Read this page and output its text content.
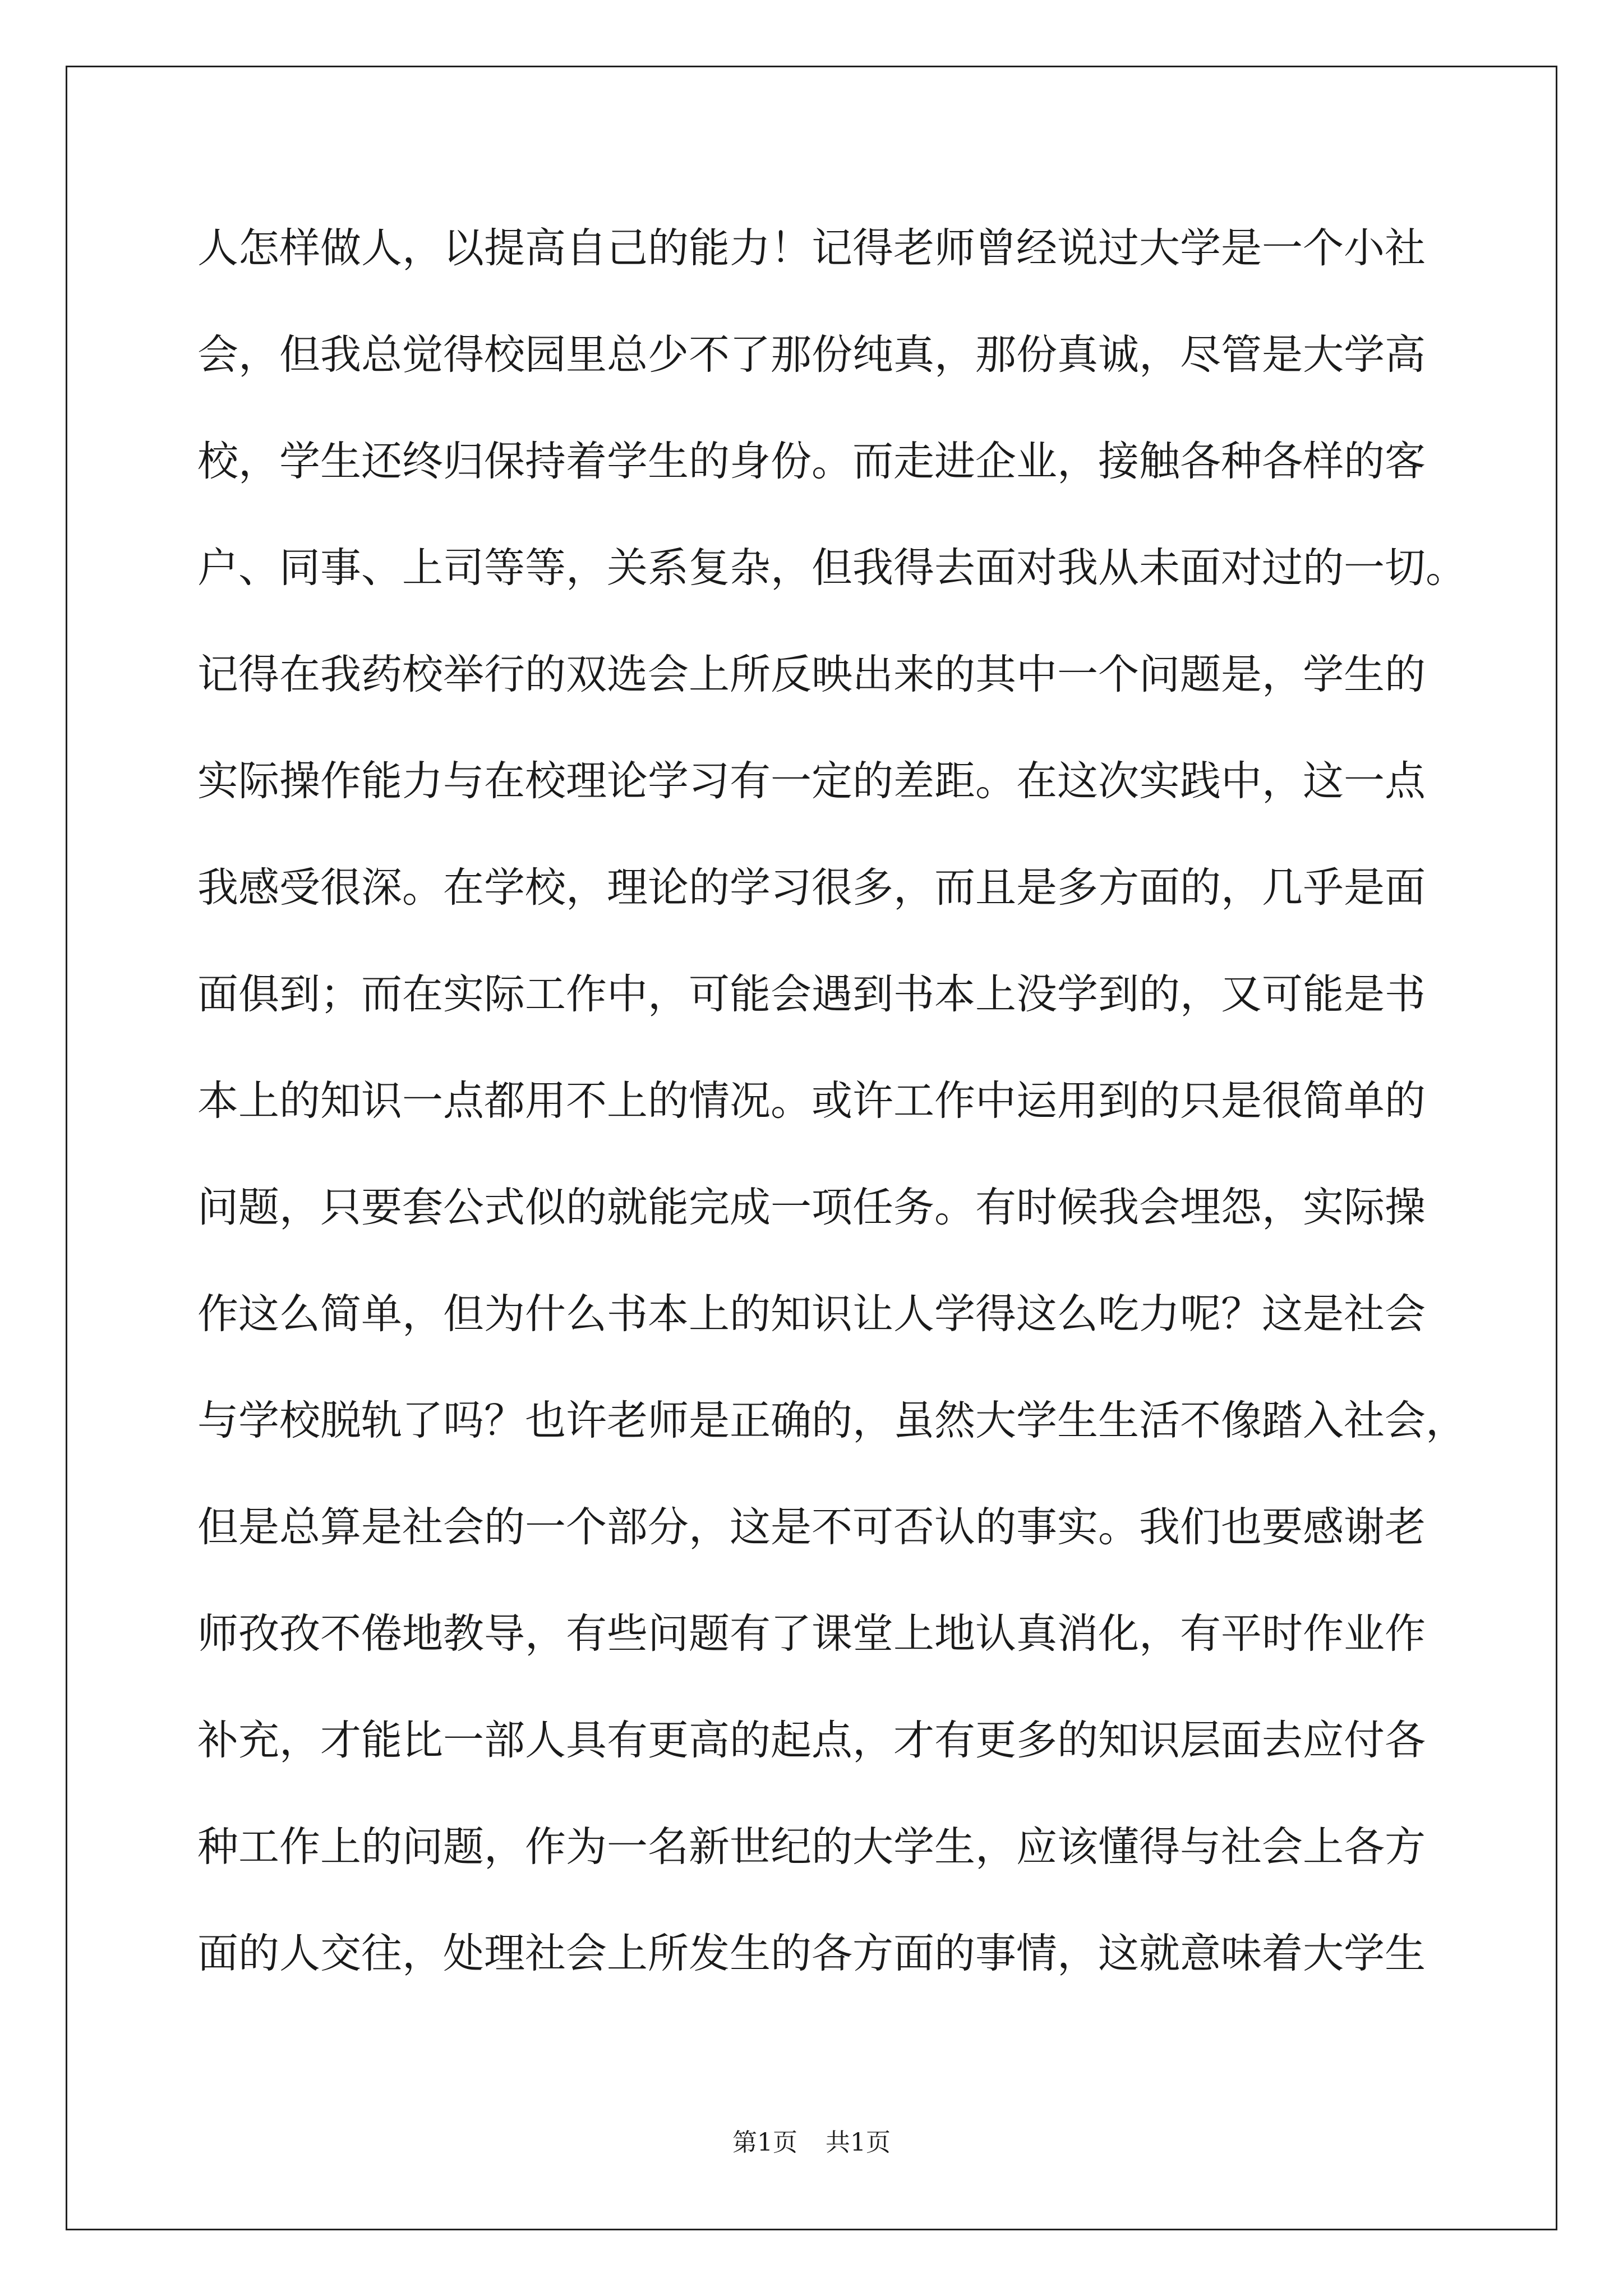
人怎样做人，以提高自己的能力！记得老师曾经说过大学是一个小社
会，但我总觉得校园里总少不了那份纯真，那份真诚，尽管是大学高
校，学生还终归保持着学生的身份。而走进企业，接触各种各样的客
户、同事、上司等等，关系复杂，但我得去面对我从未面对过的一切。
记得在我药校举行的双选会上所反映出来的其中一个问题是，学生的
实际操作能力与在校理论学习有一定的差距。在这次实践中，这一点
我感受很深。在学校，理论的学习很多，而且是多方面的，几乎是面
面俱到；而在实际工作中，可能会遇到书本上没学到的，又可能是书
本上的知识一点都用不上的情况。或许工作中运用到的只是很简单的
问题，只要套公式似的就能完成一项任务。有时候我会埋怨，实际操
作这么简单，但为什么书本上的知识让人学得这么吃力呢？这是社会
与学校脱轨了吗？也许老师是正确的，虽然大学生生活不像踏入社会，
但是总算是社会的一个部分，这是不可否认的事实。我们也要感谢老
师孜孜不倦地教导，有些问题有了课堂上地认真消化，有平时作业作
补充，才能比一部人具有更高的起点，才有更多的知识层面去应付各
种工作上的问题，作为一名新世纪的大学生，应该懂得与社会上各方
面的人交往，处理社会上所发生的各方面的事情，这就意味着大学生
第1页 共1页
